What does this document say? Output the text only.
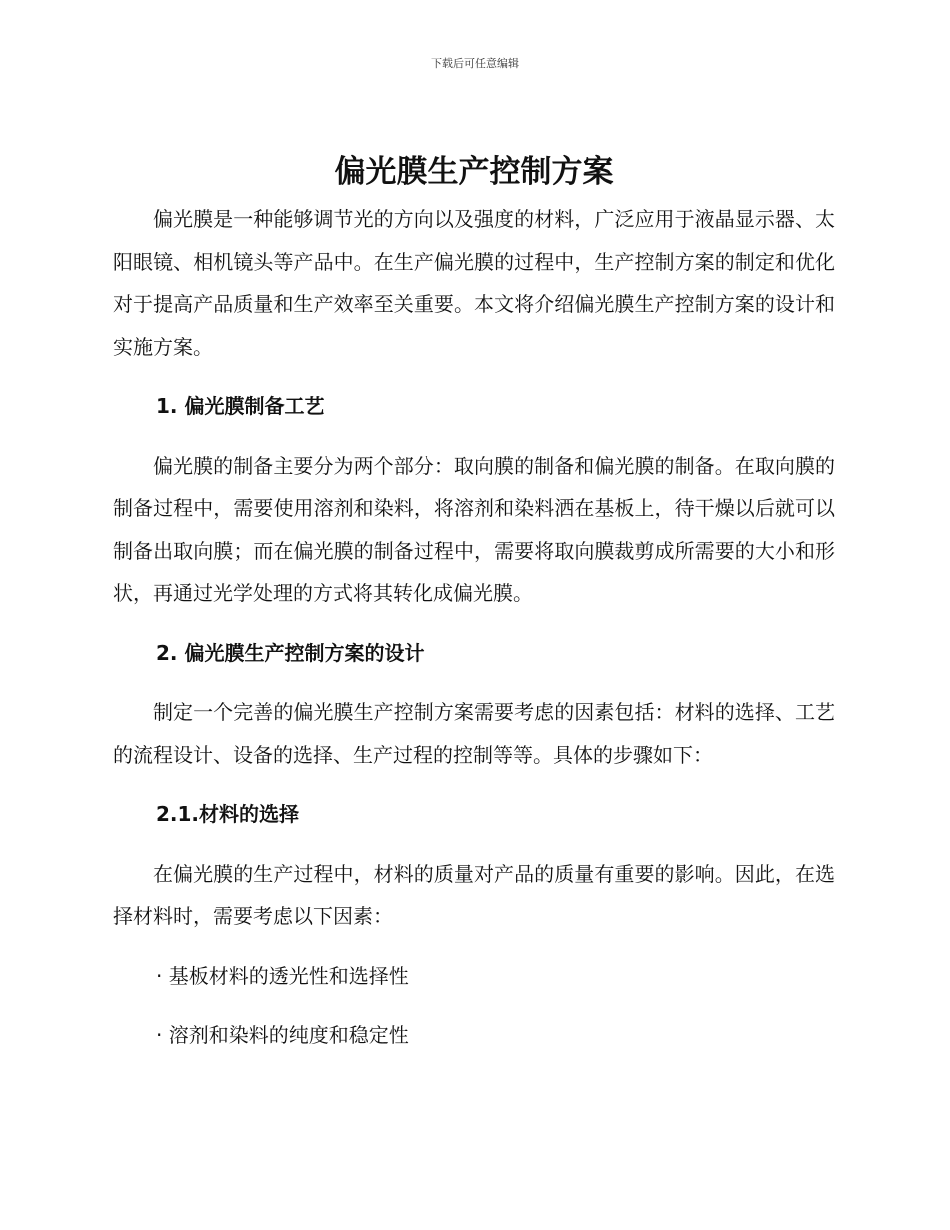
下载后可任意编辑
偏光膜生产控制方案

偏光膜是一种能够调节光的方向以及强度的材料，广泛应用于液晶显示器、太阳眼镜、相机镜头等产品中。在生产偏光膜的过程中，生产控制方案的制定和优化对于提高产品质量和生产效率至关重要。本文将介绍偏光膜生产控制方案的设计和实施方案。

1. 偏光膜制备工艺

偏光膜的制备主要分为两个部分：取向膜的制备和偏光膜的制备。在取向膜的制备过程中，需要使用溶剂和染料，将溶剂和染料洒在基板上，待干燥以后就可以制备出取向膜；而在偏光膜的制备过程中，需要将取向膜裁剪成所需要的大小和形状，再通过光学处理的方式将其转化成偏光膜。

2. 偏光膜生产控制方案的设计

制定一个完善的偏光膜生产控制方案需要考虑的因素包括：材料的选择、工艺的流程设计、设备的选择、生产过程的控制等等。具体的步骤如下：

2.1.材料的选择

在偏光膜的生产过程中，材料的质量对产品的质量有重要的影响。因此，在选择材料时，需要考虑以下因素：

· 基板材料的透光性和选择性

· 溶剂和染料的纯度和稳定性
